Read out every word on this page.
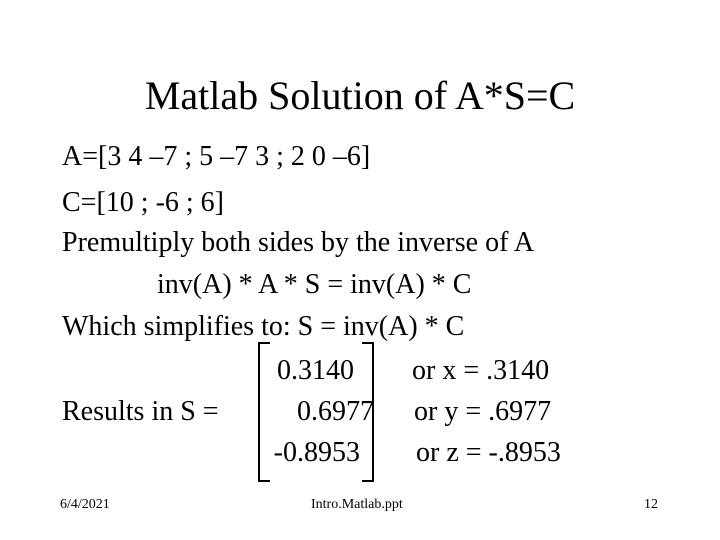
Matlab Solution of A*S=C
A=[3 4 –7 ; 5 –7 3 ; 2 0 –6]
C=[10 ; -6 ; 6]
Premultiply both sides by the inverse of A
inv(A) * A * S = inv(A) * C
Which simplifies to: S = inv(A) * C
Results in S =
0.3140
0.6977
-0.8953
or x = .3140
or y = .6977
or z = -.8953
6/4/2021	Intro.Matlab.ppt	12
